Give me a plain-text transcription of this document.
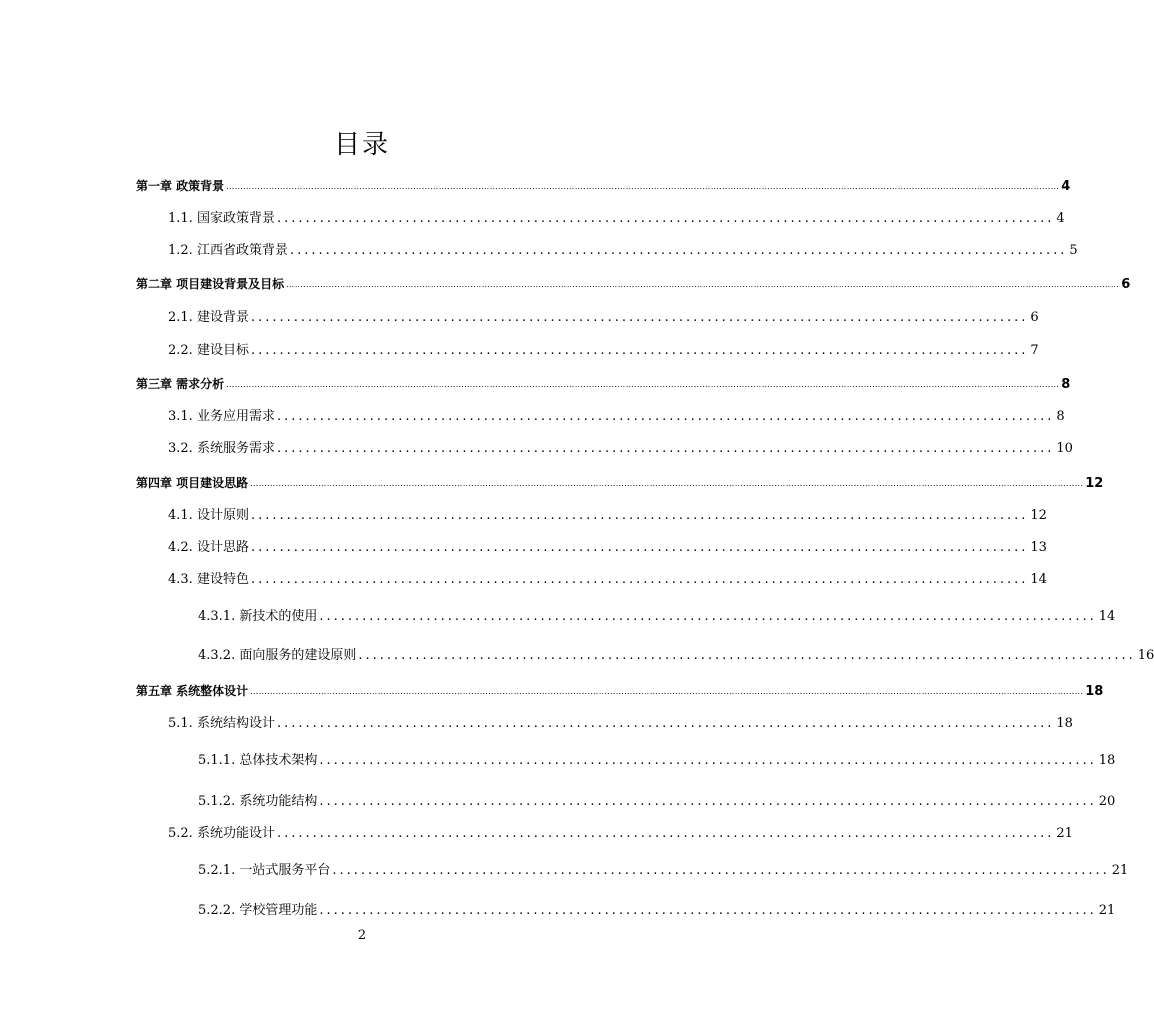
目录
第一章 政策背景 …………………………………………………………………………………………………………………………………………………………………………………………………………………………………………………………………… 4
1.1. 国家政策背景 ............................................................................................................. 4
1.2. 江西省政策背景 ............................................................................................................. 5
第二章 项目建设背景及目标 …………………………………………………………………………………………………………………………………………………………………………………………………………………………………………………………………… 6
2.1. 建设背景 ............................................................................................................. 6
2.2. 建设目标 ............................................................................................................. 7
第三章 需求分析 …………………………………………………………………………………………………………………………………………………………………………………………………………………………………………………………………… 8
3.1. 业务应用需求 ............................................................................................................. 8
3.2. 系统服务需求 ............................................................................................................. 10
第四章 项目建设思路 …………………………………………………………………………………………………………………………………………………………………………………………………………………………………………………………………… 12
4.1. 设计原则 ............................................................................................................. 12
4.2. 设计思路 ............................................................................................................. 13
4.3. 建设特色 ............................................................................................................. 14
4.3.1. 新技术的使用 ............................................................................................................. 14
4.3.2. 面向服务的建设原则 ............................................................................................................. 16
第五章 系统整体设计 …………………………………………………………………………………………………………………………………………………………………………………………………………………………………………………………………… 18
5.1. 系统结构设计 ............................................................................................................. 18
5.1.1. 总体技术架构 ............................................................................................................. 18
5.1.2. 系统功能结构 ............................................................................................................. 20
5.2. 系统功能设计 ............................................................................................................. 21
5.2.1. 一站式服务平台 ............................................................................................................. 21
5.2.2. 学校管理功能 ............................................................................................................. 21
2
